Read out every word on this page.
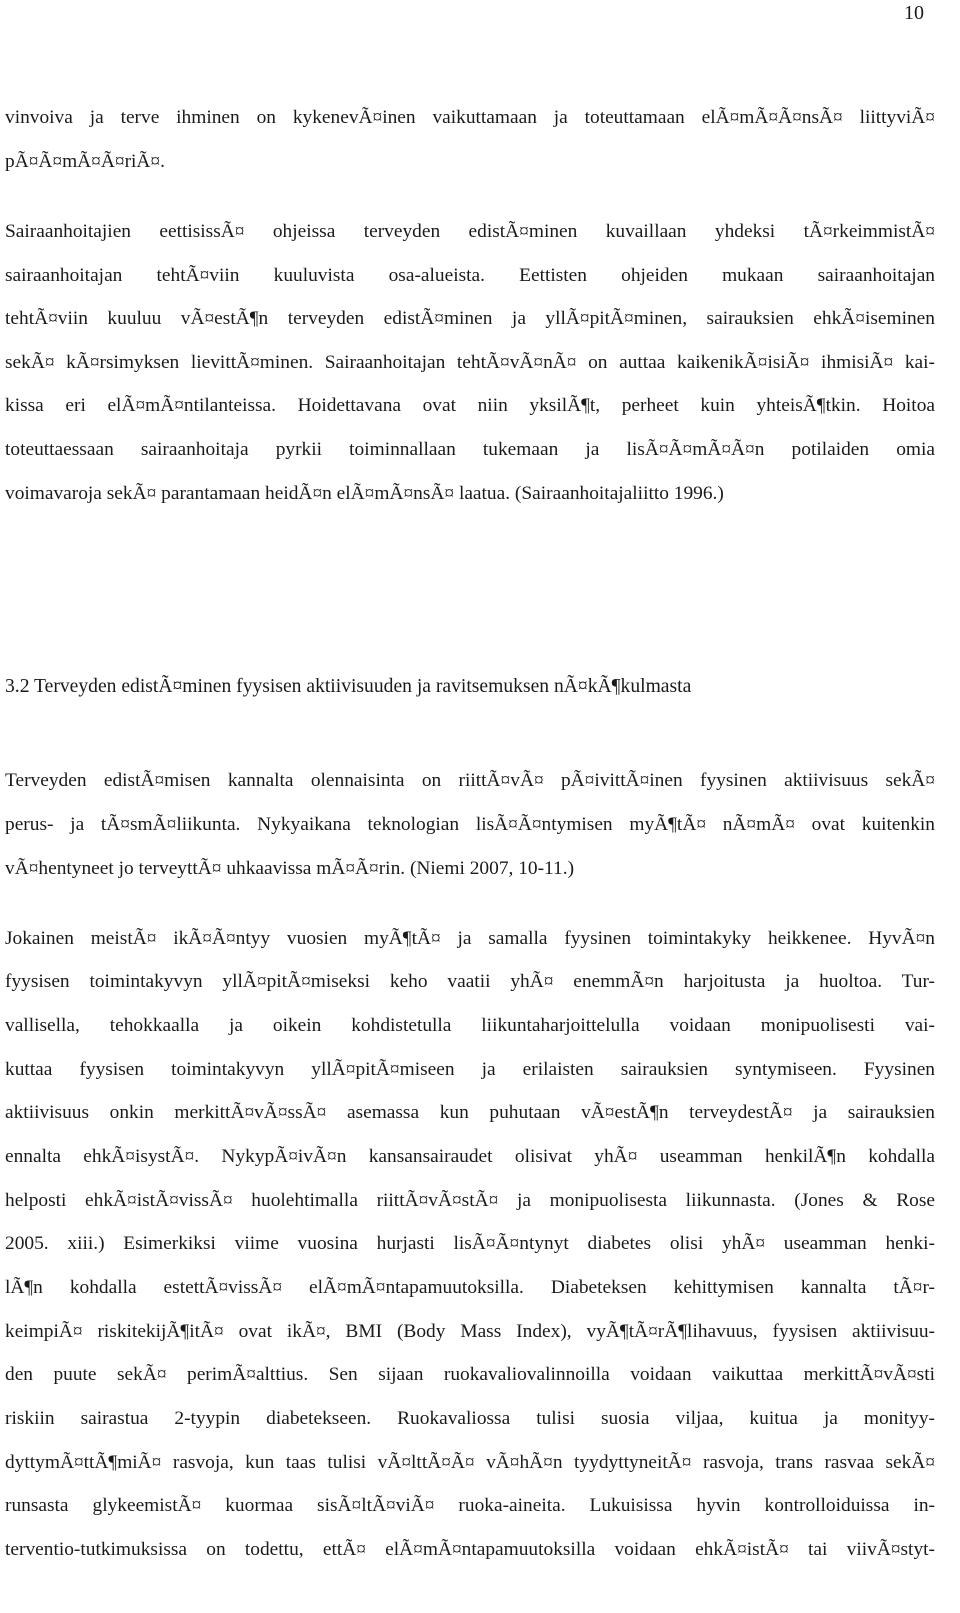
10
vinvoiva ja terve ihminen on kykenevÃ¤inen vaikuttamaan ja toteuttamaan elÃ¤mÃ¤Ã¤nsÃ¤ liittyviÃ¤
pÃ¤Ã¤mÃ¤Ã¤riÃ¤.
Sairaanhoitajien eettisissÃ¤ ohjeissa terveyden edistÃ¤minen kuvaillaan yhdeksi tÃ¤rkeimmistÃ¤
sairaanhoitajan tehtÃ¤viin kuuluvista osa-alueista. Eettisten ohjeiden mukaan sairaanhoitajan
tehtÃ¤viin kuuluu vÃ¤estÃ¶n terveyden edistÃ¤minen ja yllÃ¤pitÃ¤minen, sairauksien ehkÃ¤iseminen
sekÃ¤ kÃ¤rsimyksen lievittÃ¤minen. Sairaanhoitajan tehtÃ¤vÃ¤nÃ¤ on auttaa kaikenikÃ¤isiÃ¤ ihmisiÃ¤ kai-
kissa eri elÃ¤mÃ¤ntilanteissa. Hoidettavana ovat niin yksilÃ¶t, perheet kuin yhteisÃ¶tkin. Hoitoa
toteuttaessaan sairaanhoitaja pyrkii toiminnallaan tukemaan ja lisÃ¤Ã¤mÃ¤Ã¤n potilaiden omia
voimavaroja sekÃ¤ parantamaan heidÃ¤n elÃ¤mÃ¤nsÃ¤ laatua. (Sairaanhoitajaliitto 1996.)
3.2 Terveyden edistÃ¤minen fyysisen aktiivisuuden ja ravitsemuksen nÃ¤kÃ¶kulmasta
Terveyden edistÃ¤misen kannalta olennaisinta on riittÃ¤vÃ¤ pÃ¤ivittÃ¤inen fyysinen aktiivisuus sekÃ¤
perus- ja tÃ¤smÃ¤liikunta. Nykyaikana teknologian lisÃ¤Ã¤ntymisen myÃ¶tÃ¤ nÃ¤mÃ¤ ovat kuitenkin
vÃ¤hentyneet jo terveyttÃ¤ uhkaavissa mÃ¤Ã¤rin. (Niemi 2007, 10-11.)
Jokainen meistÃ¤ ikÃ¤Ã¤ntyy vuosien myÃ¶tÃ¤ ja samalla fyysinen toimintakyky heikkenee. HyvÃ¤n
fyysisen toimintakyvyn yllÃ¤pitÃ¤miseksi keho vaatii yhÃ¤ enemmÃ¤n harjoitusta ja huoltoa. Tur-
vallisella, tehokkaalla ja oikein kohdistetulla liikuntaharjoittelulla voidaan monipuolisesti vai-
kuttaa fyysisen toimintakyvyn yllÃ¤pitÃ¤miseen ja erilaisten sairauksien syntymiseen. Fyysinen
aktiivisuus onkin merkittÃ¤vÃ¤ssÃ¤ asemassa kun puhutaan vÃ¤estÃ¶n terveydestÃ¤ ja sairauksien
ennalta ehkÃ¤isystÃ¤. NykypÃ¤ivÃ¤n kansansairaudet olisivat yhÃ¤ useamman henkilÃ¶n kohdalla
helposti ehkÃ¤istÃ¤vissÃ¤ huolehtimalla riittÃ¤vÃ¤stÃ¤ ja monipuolisesta liikunnasta. (Jones & Rose
2005. xiii.) Esimerkiksi viime vuosina hurjasti lisÃ¤Ã¤ntynyt diabetes olisi yhÃ¤ useamman henki-
lÃ¶n kohdalla estettÃ¤vissÃ¤ elÃ¤mÃ¤ntapamuutoksilla. Diabeteksen kehittymisen kannalta tÃ¤r-
keimpiÃ¤ riskitekijÃ¶itÃ¤ ovat ikÃ¤, BMI (Body Mass Index), vyÃ¶tÃ¤rÃ¶lihavuus, fyysisen aktiivisuu-
den puute sekÃ¤ perimÃ¤alttius. Sen sijaan ruokavaliovalinnoilla voidaan vaikuttaa merkittÃ¤vÃ¤sti
riskiin sairastua 2-tyypin diabetekseen. Ruokavaliossa tulisi suosia viljaa, kuitua ja monityy-
dyttymÃ¤ttÃ¶miÃ¤ rasvoja, kun taas tulisi vÃ¤lttÃ¤Ã¤ vÃ¤hÃ¤n tyydyttyneitÃ¤ rasvoja, trans rasvaa sekÃ¤
runsasta glykeemistÃ¤ kuormaa sisÃ¤ltÃ¤viÃ¤ ruoka-aineita. Lukuisissa hyvin kontrolloiduissa in-
terventio-tutkimuksissa on todettu, ettÃ¤ elÃ¤mÃ¤ntapamuutoksilla voidaan ehkÃ¤istÃ¤ tai viivÃ¤styt-
